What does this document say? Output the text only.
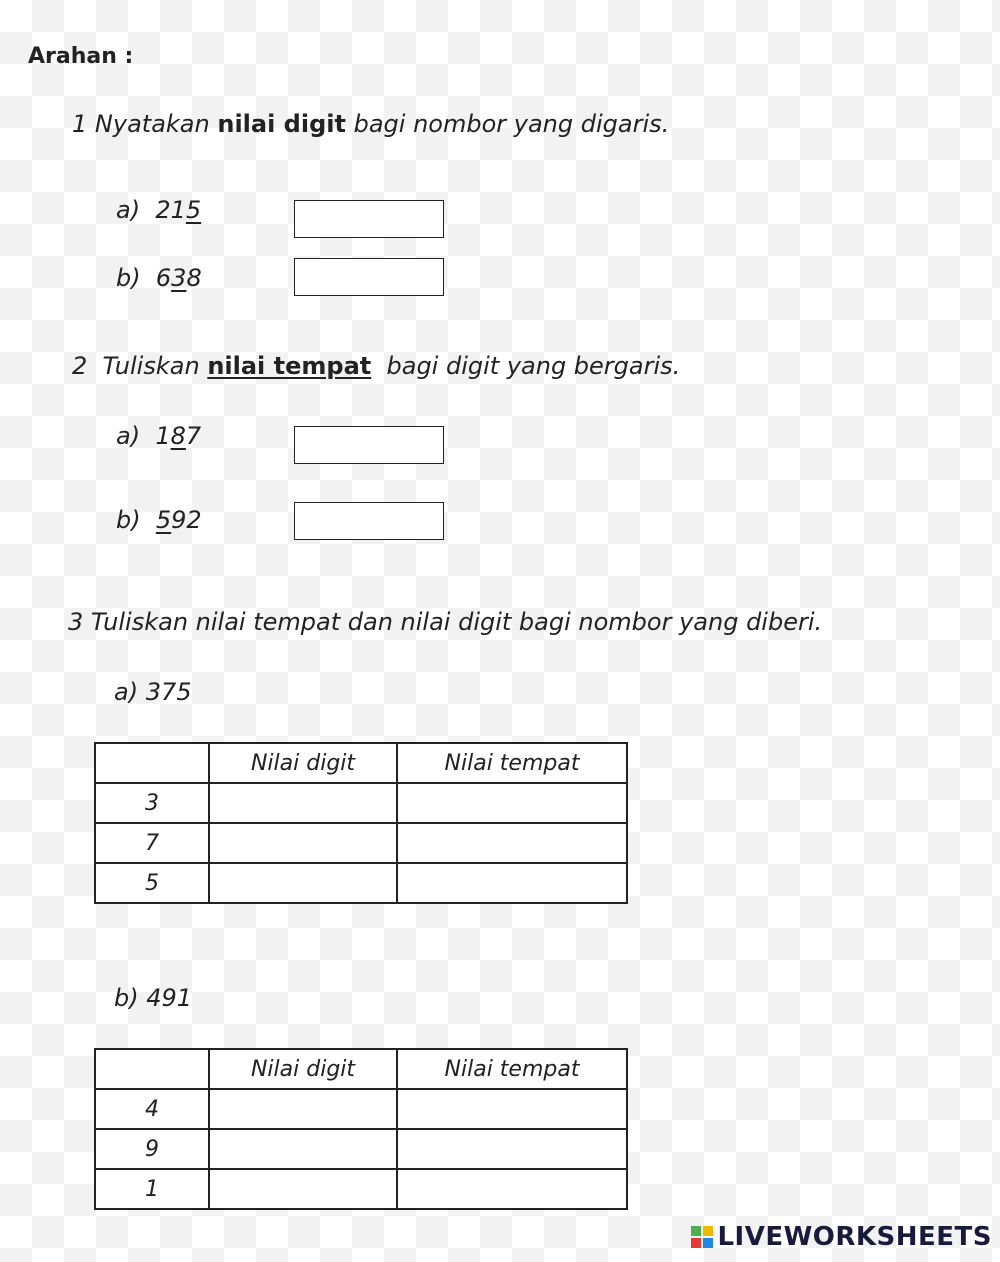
Arahan :
1 Nyatakan nilai digit bagi nombor yang digaris.
a) 215
b) 638
2 Tuliskan nilai tempat bagi digit yang bergaris.
a) 187
b) 592
3 Tuliskan nilai tempat dan nilai digit bagi nombor yang diberi.
a) 375
	Nilai digit	Nilai tempat
3		
7		
5		
b) 491
	Nilai digit	Nilai tempat
4		
9		
1		
LIVEWORKSHEETS
